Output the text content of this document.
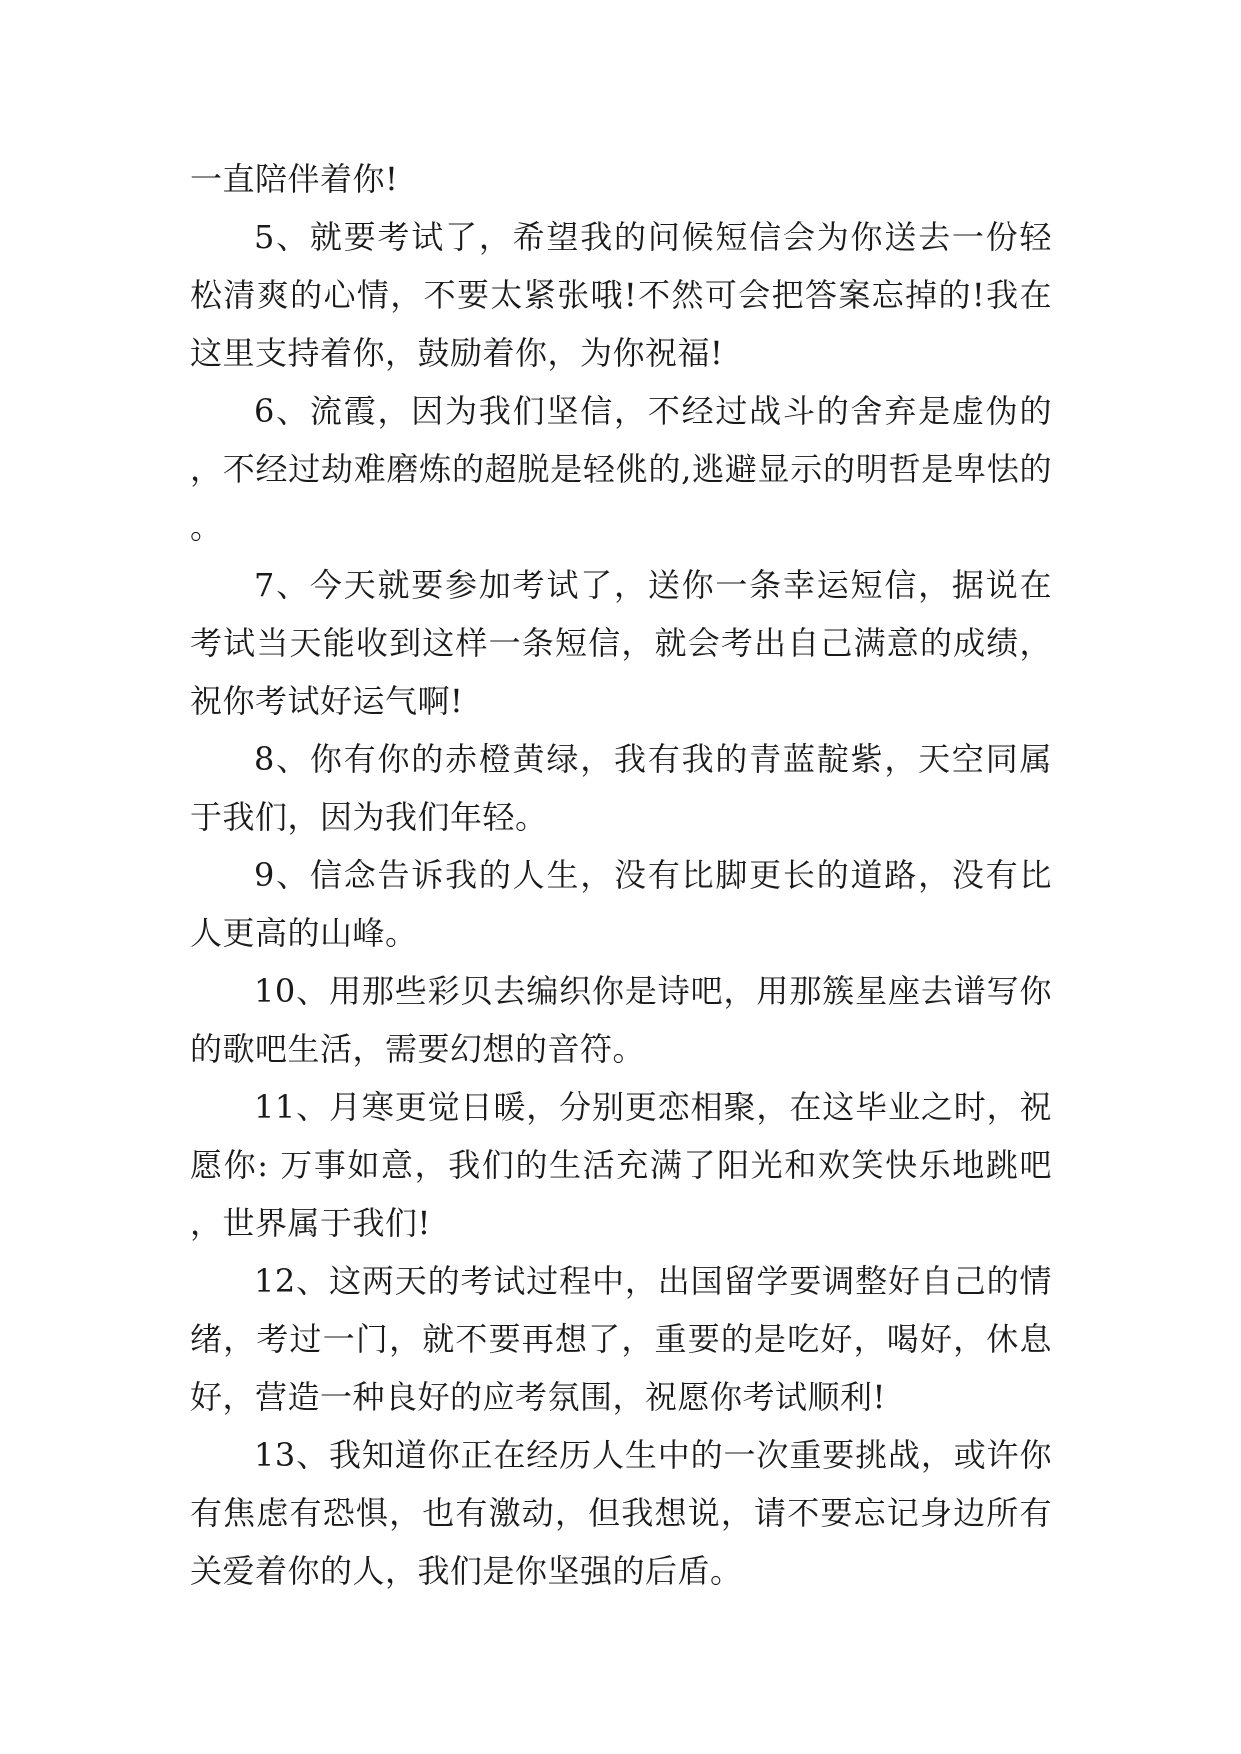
一直陪伴着你!

5、就要考试了，希望我的问候短信会为你送去一份轻松清爽的心情，不要太紧张哦!不然可会把答案忘掉的!我在这里支持着你，鼓励着你，为你祝福!

6、流霞，因为我们坚信，不经过战斗的舍弃是虚伪的，不经过劫难磨炼的超脱是轻佻的,逃避显示的明哲是卑怯的。

7、今天就要参加考试了，送你一条幸运短信，据说在考试当天能收到这样一条短信，就会考出自己满意的成绩，祝你考试好运气啊!

8、你有你的赤橙黄绿，我有我的青蓝靛紫，天空同属于我们，因为我们年轻。

9、信念告诉我的人生，没有比脚更长的道路，没有比人更高的山峰。

10、用那些彩贝去编织你是诗吧，用那簇星座去谱写你的歌吧生活，需要幻想的音符。

11、月寒更觉日暖，分别更恋相聚，在这毕业之时，祝愿你: 万事如意，我们的生活充满了阳光和欢笑快乐地跳吧，世界属于我们!

12、这两天的考试过程中，出国留学要调整好自己的情绪，考过一门，就不要再想了，重要的是吃好，喝好，休息好，营造一种良好的应考氛围，祝愿你考试顺利!

13、我知道你正在经历人生中的一次重要挑战，或许你有焦虑有恐惧，也有激动，但我想说，请不要忘记身边所有关爱着你的人，我们是你坚强的后盾。
